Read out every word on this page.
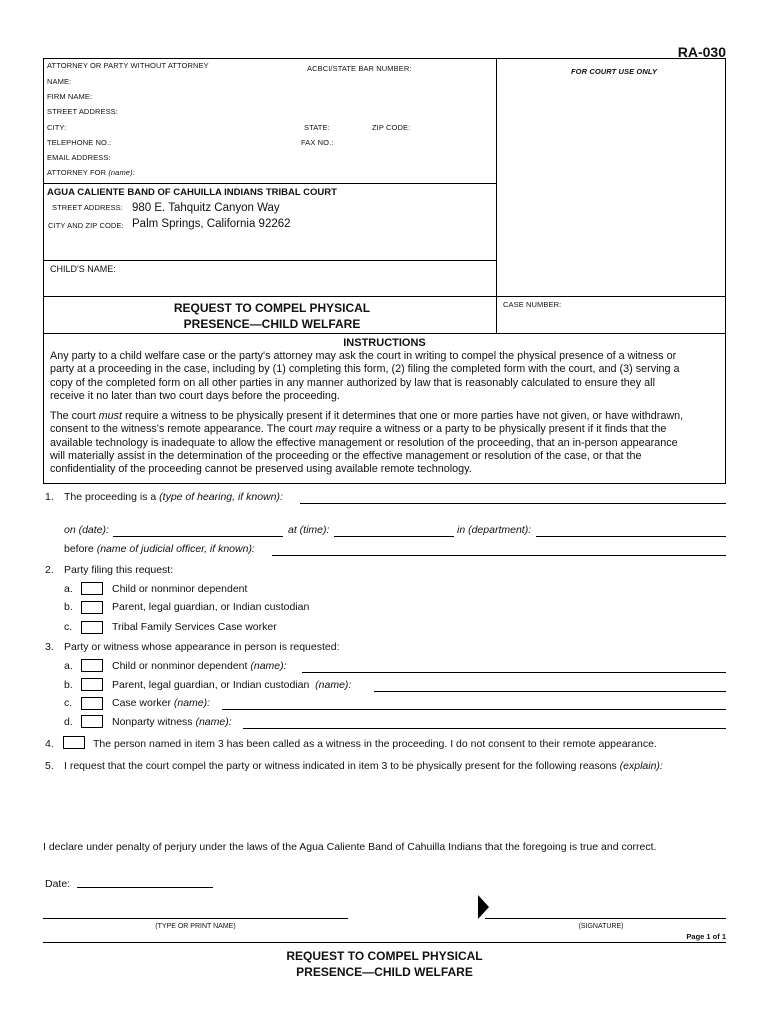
RA-030
ATTORNEY OR PARTY WITHOUT ATTORNEY	ACBCI/STATE BAR NUMBER:	FOR COURT USE ONLY
NAME:
FIRM NAME:
STREET ADDRESS:
CITY:	STATE:	ZIP CODE:
TELEPHONE NO.:	FAX NO.:
EMAIL ADDRESS:
ATTORNEY FOR (name):
AGUA CALIENTE BAND OF CAHUILLA INDIANS TRIBAL COURT
STREET ADDRESS: 980 E. Tahquitz Canyon Way
CITY AND ZIP CODE: Palm Springs, California 92262
CHILD'S NAME:
REQUEST TO COMPEL PHYSICAL
PRESENCE—CHILD WELFARE
CASE NUMBER:
INSTRUCTIONS
Any party to a child welfare case or the party's attorney may ask the court in writing to compel the physical presence of a witness or
party at a proceeding in the case, including by (1) completing this form, (2) filing the completed form with the court, and (3) serving a
copy of the completed form on all other parties in any manner authorized by law that is reasonably calculated to ensure they all
receive it no later than two court days before the proceeding.
The court must require a witness to be physically present if it determines that one or more parties have not given, or have withdrawn,
consent to the witness's remote appearance. The court may require a witness or a party to be physically present if it finds that the
available technology is inadequate to allow the effective management or resolution of the proceeding, that an in-person appearance
will materially assist in the determination of the proceeding or the effective management or resolution of the case, or that the
confidentiality of the proceeding cannot be preserved using available remote technology.
1. The proceeding is a (type of hearing, if known):
on (date):	at (time):	in (department):
before (name of judicial officer, if known):
2. Party filing this request:
a.	Child or nonminor dependent
b.	Parent, legal guardian, or Indian custodian
c.	Tribal Family Services Case worker
3. Party or witness whose appearance in person is requested:
a.	Child or nonminor dependent (name):
b.	Parent, legal guardian, or Indian custodian (name):
c.	Case worker (name):
d.	Nonparty witness (name):
4.	The person named in item 3 has been called as a witness in the proceeding. I do not consent to their remote appearance.
5. I request that the court compel the party or witness indicated in item 3 to be physically present for the following reasons (explain):
I declare under penalty of perjury under the laws of the Agua Caliente Band of Cahuilla Indians that the foregoing is true and correct.
Date:
(TYPE OR PRINT NAME)	(SIGNATURE)
Page 1 of 1
REQUEST TO COMPEL PHYSICAL
PRESENCE—CHILD WELFARE
